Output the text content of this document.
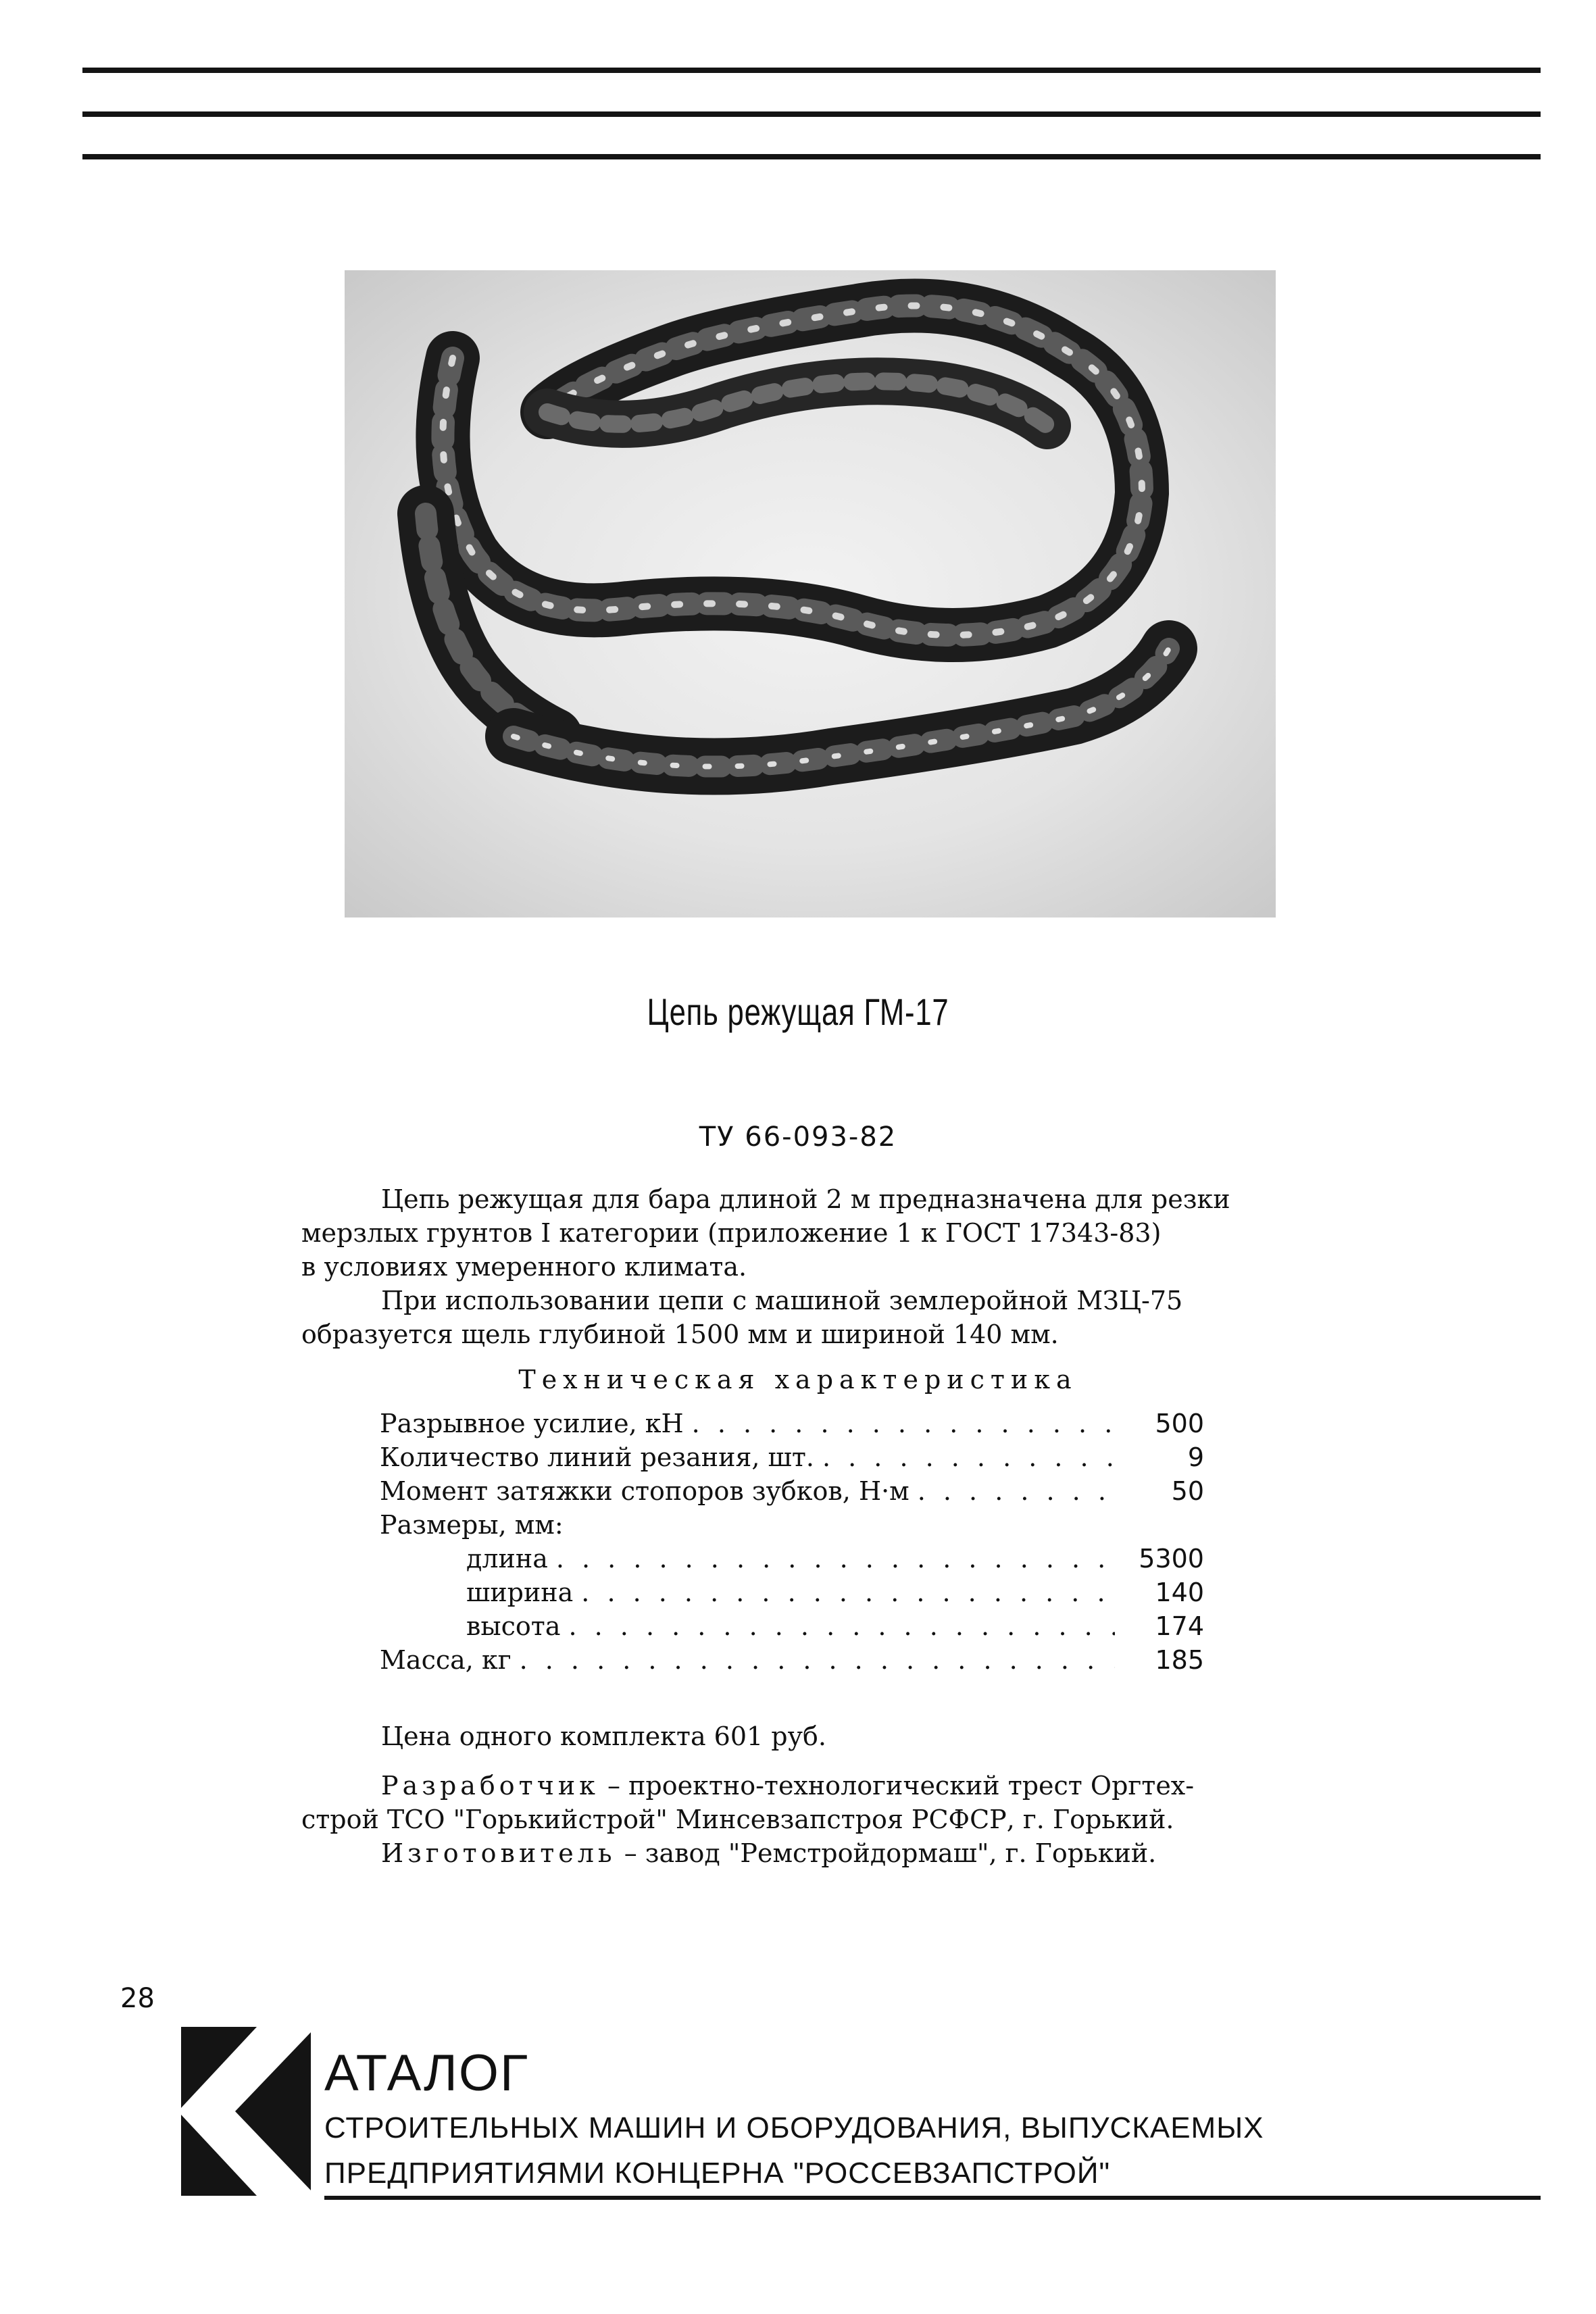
Цепь режущая ГМ-17
ТУ 66-093-82
Цепь режущая для бара длиной 2 м предназначена для резки
мерзлых грунтов I категории (приложение 1 к ГОСТ 17343-83)
в условиях умеренного климата.
При использовании цепи с машиной землеройной МЗЦ-75
образуется щель глубиной 1500 мм и шириной 140 мм.
Техническая характеристика
Разрывное усилие, кН . . .	500
Количество линий резания, шт. . . .	9
Момент затяжки стопоров зубков, Н·м . . .	50
Размеры, мм:
длина . . .	5300
ширина . . .	140
высота . . .	174
Масса, кг . . .	185
Цена одного комплекта 601 руб.
Разработчик – проектно-технологический трест Оргтех-
строй ТСО "Горькийстрой" Минсевзапстроя РСФСР, г. Горький.
Изготовитель – завод "Ремстройдормаш", г. Горький.
28
АТАЛОГ
СТРОИТЕЛЬНЫХ МАШИН И ОБОРУДОВАНИЯ, ВЫПУСКАЕМЫХ
ПРЕДПРИЯТИЯМИ КОНЦЕРНА "РОССЕВЗАПСТРОЙ"
